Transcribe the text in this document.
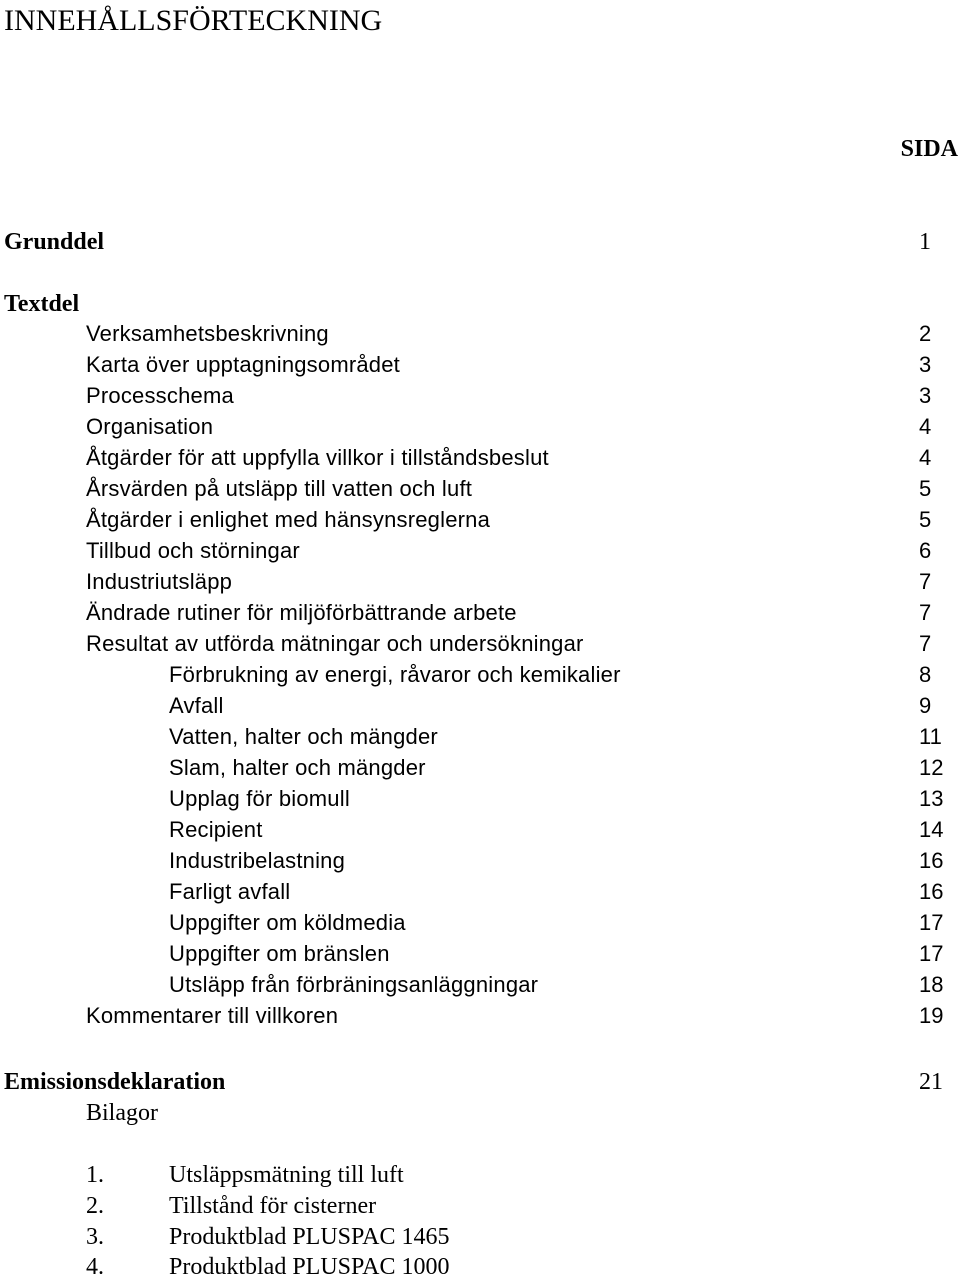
INNEHÅLLSFÖRTECKNING
SIDA
Grunddel	1
Textdel
Verksamhetsbeskrivning	2
Karta över upptagningsområdet	3
Processchema	3
Organisation	4
Åtgärder för att uppfylla villkor i tillståndsbeslut	4
Årsvärden på utsläpp till vatten och luft	5
Åtgärder i enlighet med hänsynsreglerna	5
Tillbud och störningar	6
Industriutsläpp	7
Ändrade rutiner för miljöförbättrande arbete	7
Resultat av utförda mätningar och undersökningar	7
Förbrukning av energi, råvaror och kemikalier	8
Avfall	9
Vatten, halter och mängder	11
Slam, halter och mängder	12
Upplag för biomull	13
Recipient	14
Industribelastning	16
Farligt avfall	16
Uppgifter om köldmedia	17
Uppgifter om bränslen	17
Utsläpp från förbräningsanläggningar	18
Kommentarer till villkoren	19
Emissionsdeklaration	21
Bilagor
1.	Utsläppsmätning till luft
2.	Tillstånd för cisterner
3.	Produktblad PLUSPAC 1465
4.	Produktblad PLUSPAC 1000
